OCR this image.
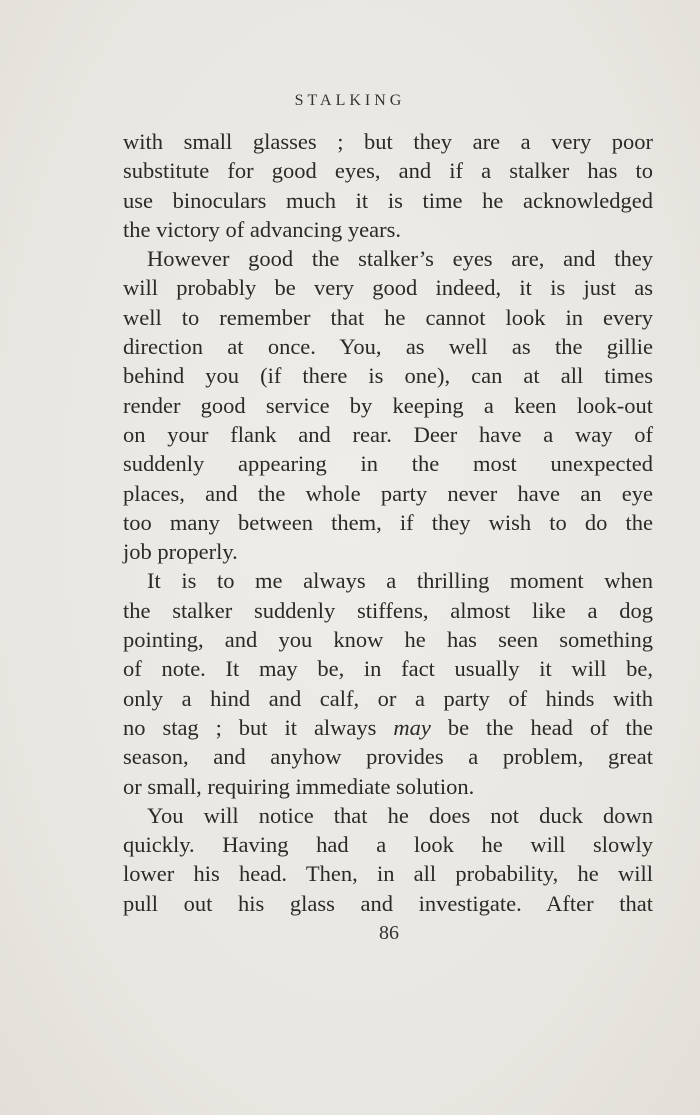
STALKING
with small glasses ; but they are a very poor
substitute for good eyes, and if a stalker has to
use binoculars much it is time he acknowledged
the victory of advancing years.
However good the stalker’s eyes are, and they
will probably be very good indeed, it is just as
well to remember that he cannot look in every
direction at once. You, as well as the gillie
behind you (if there is one), can at all times
render good service by keeping a keen look-out
on your flank and rear. Deer have a way of
suddenly appearing in the most unexpected
places, and the whole party never have an eye
too many between them, if they wish to do the
job properly.
It is to me always a thrilling moment when
the stalker suddenly stiffens, almost like a dog
pointing, and you know he has seen something
of note. It may be, in fact usually it will be,
only a hind and calf, or a party of hinds with
no stag ; but it always may be the head of the
season, and anyhow provides a problem, great
or small, requiring immediate solution.
You will notice that he does not duck down
quickly. Having had a look he will slowly
lower his head. Then, in all probability, he will
pull out his glass and investigate. After that
86
